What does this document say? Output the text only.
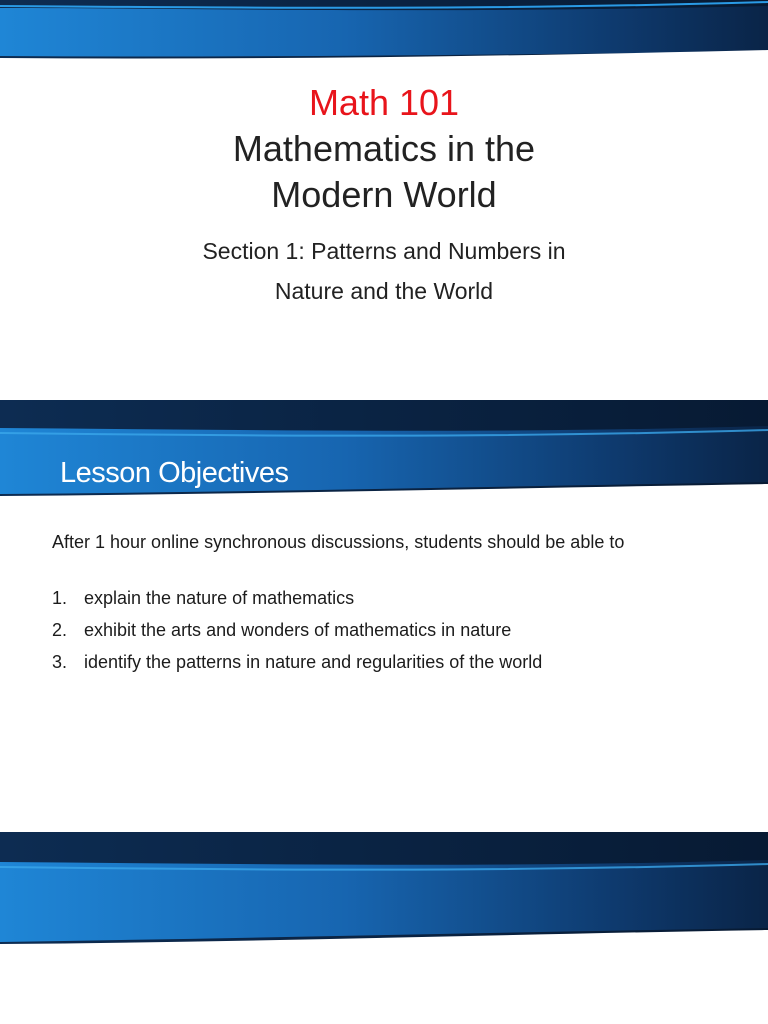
Math 101
Mathematics in the
Modern World
Section 1: Patterns and Numbers in
Nature and the World
Lesson Objectives
After 1 hour online synchronous discussions, students should be able to
1. explain the nature of mathematics
2. exhibit the arts and wonders of mathematics in nature
3. identify the patterns in nature and regularities of the world
